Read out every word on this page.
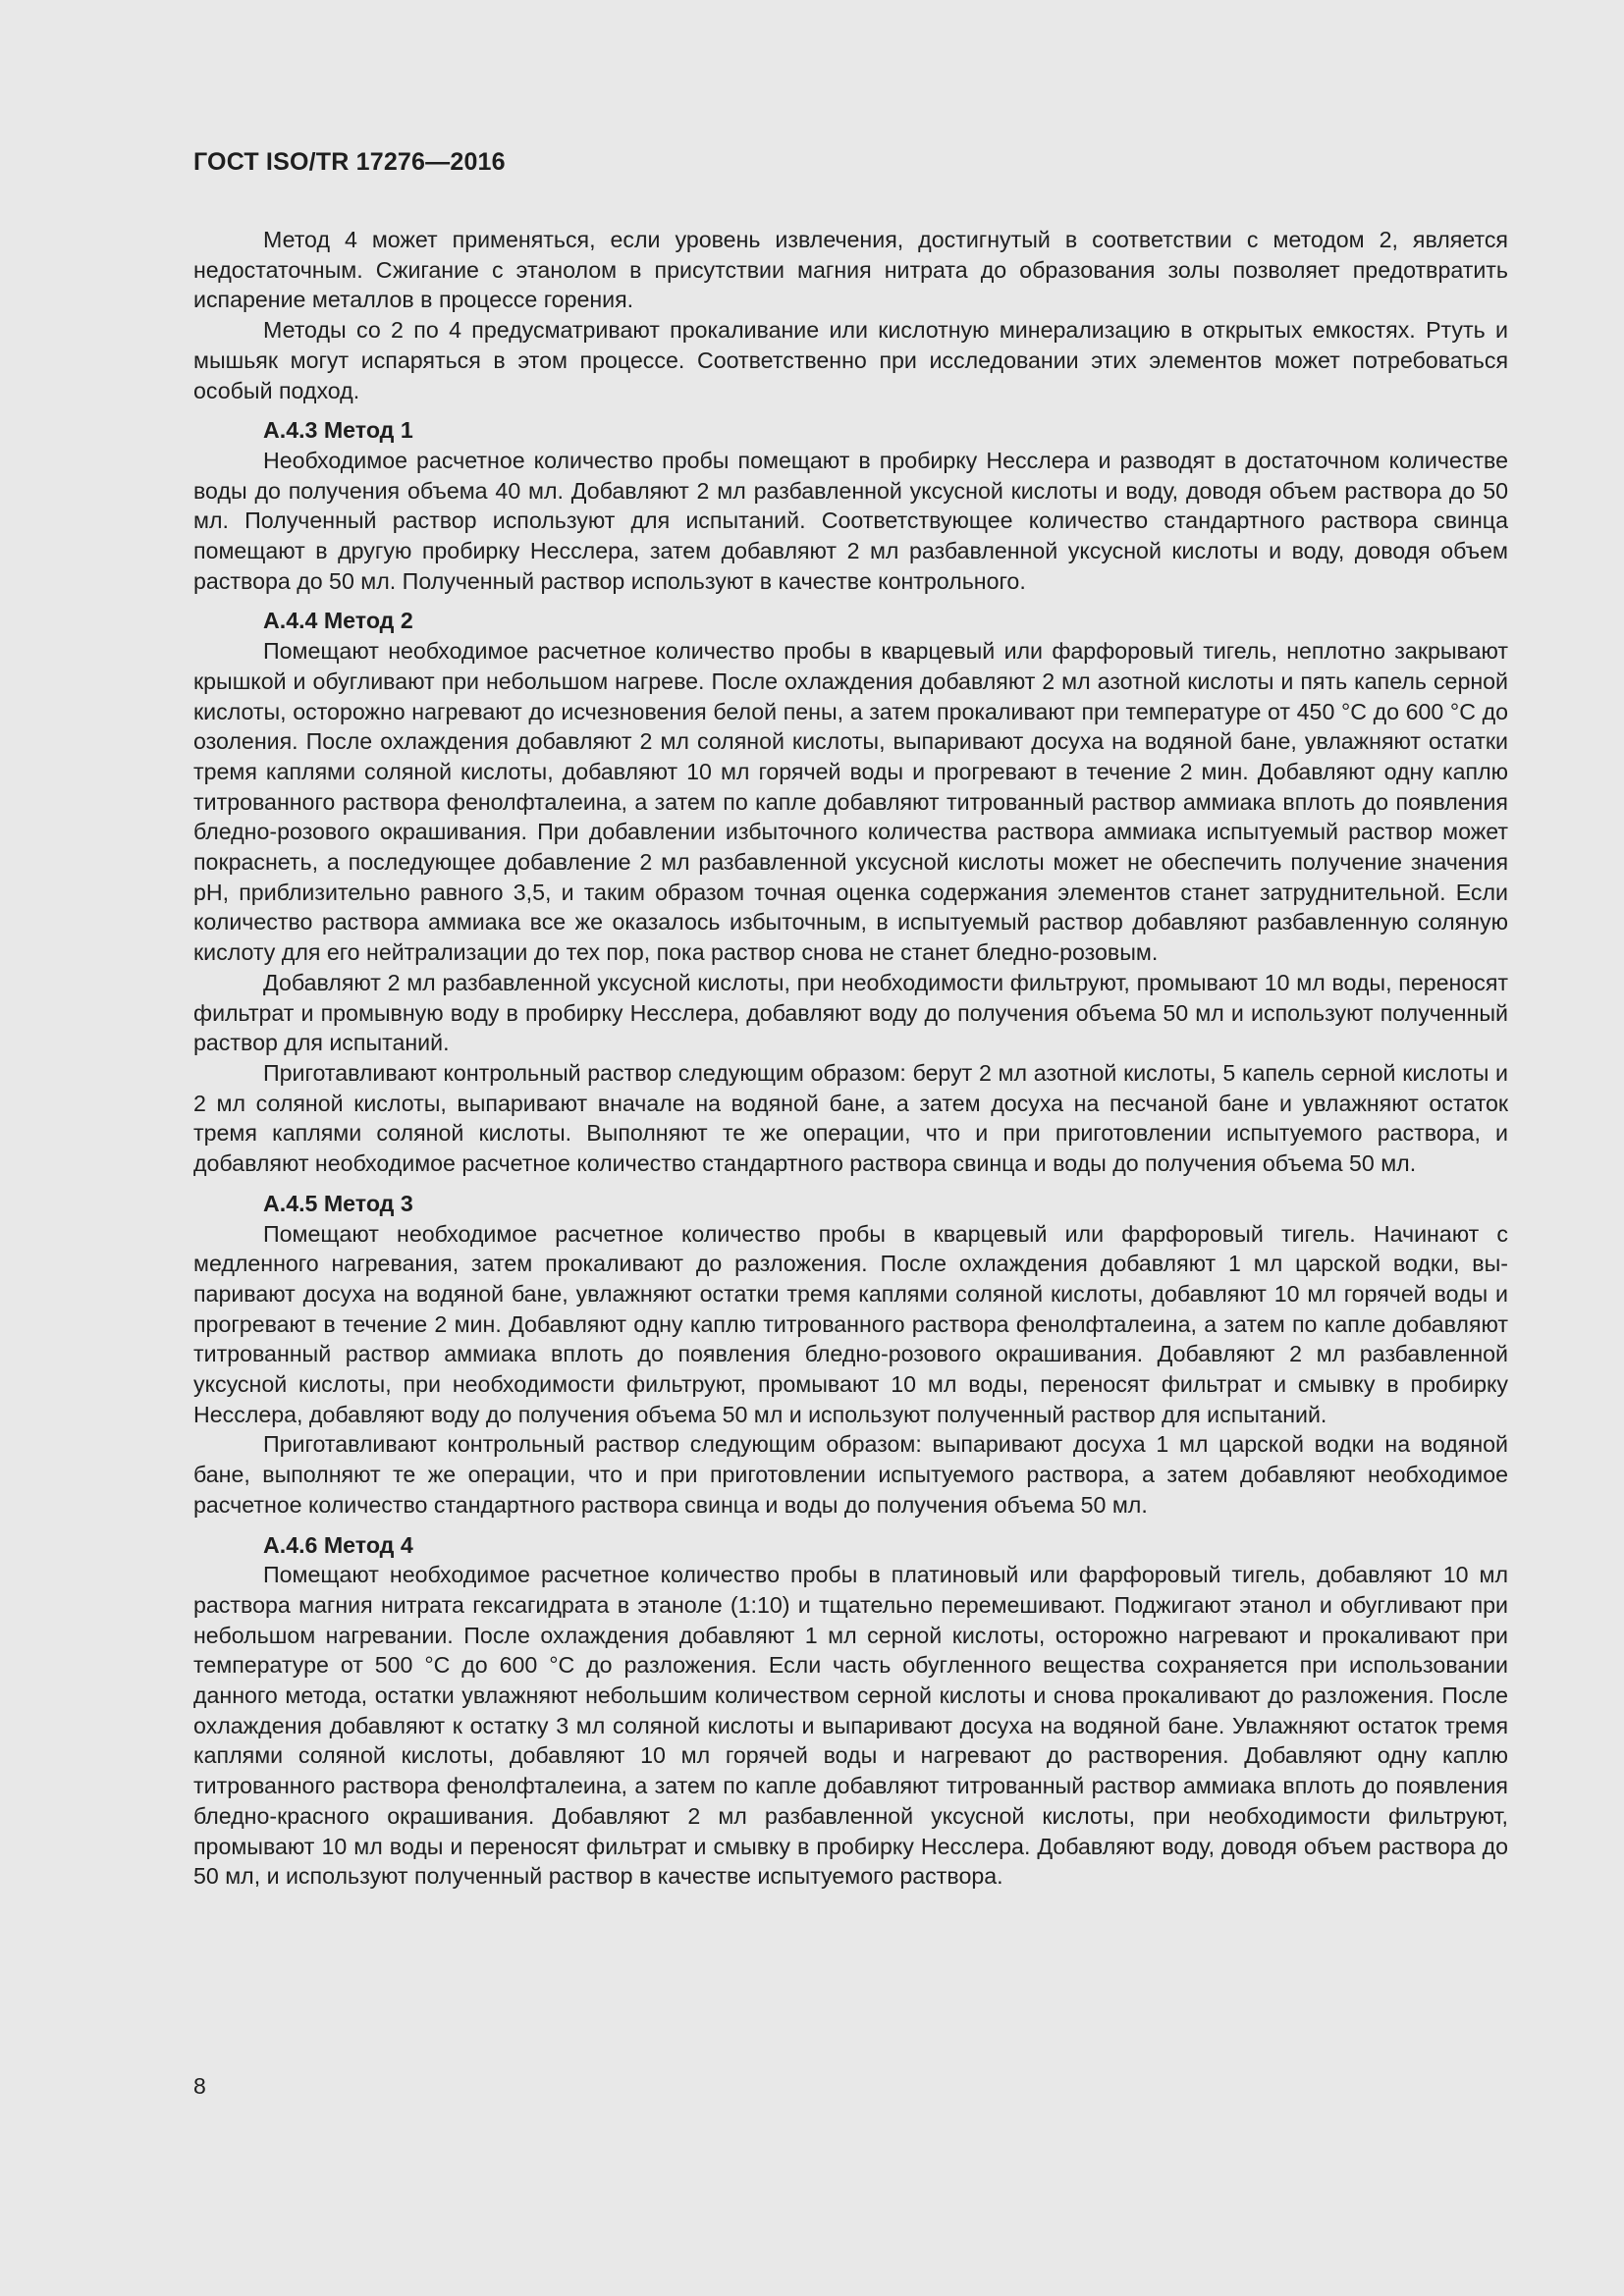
ГОСТ ISO/TR 17276—2016

Метод 4 может применяться, если уровень извлечения, достигнутый в соответствии с методом 2, является недостаточным. Сжигание с этанолом в присутствии магния нитрата до образования золы позволяет предотвратить испарение металлов в процессе горения.

Методы со 2 по 4 предусматривают прокаливание или кислотную минерализацию в открытых емкостях. Ртуть и мышьяк могут испаряться в этом процессе. Соответственно при исследовании этих элементов может потребоваться особый подход.

А.4.3 Метод 1

Необходимое расчетное количество пробы помещают в пробирку Несслера и разводят в достаточном количестве воды до получения объема 40 мл. Добавляют 2 мл разбавленной уксусной кислоты и воду, доводя объем раствора до 50 мл. Полученный раствор используют для испытаний. Соответствующее количество стандартного раствора свинца помещают в другую пробирку Несслера, затем добавляют 2 мл разбавленной уксусной кислоты и воду, доводя объем раствора до 50 мл. Полученный раствор используют в качестве контрольного.

А.4.4 Метод 2

Помещают необходимое расчетное количество пробы в кварцевый или фарфоровый тигель, неплотно закрывают крышкой и обугливают при небольшом нагреве. После охлаждения добавляют 2 мл азотной кислоты и пять капель серной кислоты, осторожно нагревают до исчезновения белой пены, а затем прокаливают при температуре от 450 °С до 600 °С до озоления. После охлаждения добавляют 2 мл соляной кислоты, выпаривают досуха на водяной бане, увлажняют остатки тремя каплями соляной кислоты, добавляют 10 мл горячей воды и прогревают в течение 2 мин. Добавляют одну каплю титрованного раствора фенолфталеина, а затем по капле добавляют титрованный раствор аммиака вплоть до появления бледно-розового окрашивания. При добавлении избыточного количества раствора аммиака испытуемый раствор может покраснеть, а последующее добавление 2 мл разбавленной уксусной кислоты может не обеспечить получение значения pH, приблизительно равного 3,5, и таким образом точная оценка содержания элементов станет затруднительной. Если количество раствора аммиака все же оказалось избыточным, в испытуемый раствор добавляют разбавленную соляную кислоту для его нейтрализации до тех пор, пока раствор снова не станет бледно-розовым.

Добавляют 2 мл разбавленной уксусной кислоты, при необходимости фильтруют, промывают 10 мл воды, переносят фильтрат и промывную воду в пробирку Несслера, добавляют воду до получения объема 50 мл и используют полученный раствор для испытаний.

Приготавливают контрольный раствор следующим образом: берут 2 мл азотной кислоты, 5 капель серной кислоты и 2 мл соляной кислоты, выпаривают вначале на водяной бане, а затем досуха на песчаной бане и увлажняют остаток тремя каплями соляной кислоты. Выполняют те же операции, что и при приготовлении испытуемого раствора, и добавляют необходимое расчетное количество стандартного раствора свинца и воды до получения объема 50 мл.

А.4.5 Метод 3

Помещают необходимое расчетное количество пробы в кварцевый или фарфоровый тигель. Начинают с медленного нагревания, затем прокаливают до разложения. После охлаждения добавляют 1 мл царской водки, выпаривают досуха на водяной бане, увлажняют остатки тремя каплями соляной кислоты, добавляют 10 мл горячей воды и прогревают в течение 2 мин. Добавляют одну каплю титрованного раствора фенолфталеина, а затем по капле добавляют титрованный раствор аммиака вплоть до появления бледно-розового окрашивания. Добавляют 2 мл разбавленной уксусной кислоты, при необходимости фильтруют, промывают 10 мл воды, переносят фильтрат и смывку в пробирку Несслера, добавляют воду до получения объема 50 мл и используют полученный раствор для испытаний.

Приготавливают контрольный раствор следующим образом: выпаривают досуха 1 мл царской водки на водяной бане, выполняют те же операции, что и при приготовлении испытуемого раствора, а затем добавляют необходимое расчетное количество стандартного раствора свинца и воды до получения объема 50 мл.

А.4.6 Метод 4

Помещают необходимое расчетное количество пробы в платиновый или фарфоровый тигель, добавляют 10 мл раствора магния нитрата гексагидрата в этаноле (1:10) и тщательно перемешивают. Поджигают этанол и обугливают при небольшом нагревании. После охлаждения добавляют 1 мл серной кислоты, осторожно нагревают и прокаливают при температуре от 500 °С до 600 °С до разложения. Если часть обугленного вещества сохраняется при использовании данного метода, остатки увлажняют небольшим количеством серной кислоты и снова прокаливают до разложения. После охлаждения добавляют к остатку 3 мл соляной кислоты и выпаривают досуха на водяной бане. Увлажняют остаток тремя каплями соляной кислоты, добавляют 10 мл горячей воды и нагревают до растворения. Добавляют одну каплю титрованного раствора фенолфталеина, а затем по капле добавляют титрованный раствор аммиака вплоть до появления бледно-красного окрашивания. Добавляют 2 мл разбавленной уксусной кислоты, при необходимости фильтруют, промывают 10 мл воды и переносят фильтрат и смывку в пробирку Несслера. Добавляют воду, доводя объем раствора до 50 мл, и используют полученный раствор в качестве испытуемого раствора.

8
